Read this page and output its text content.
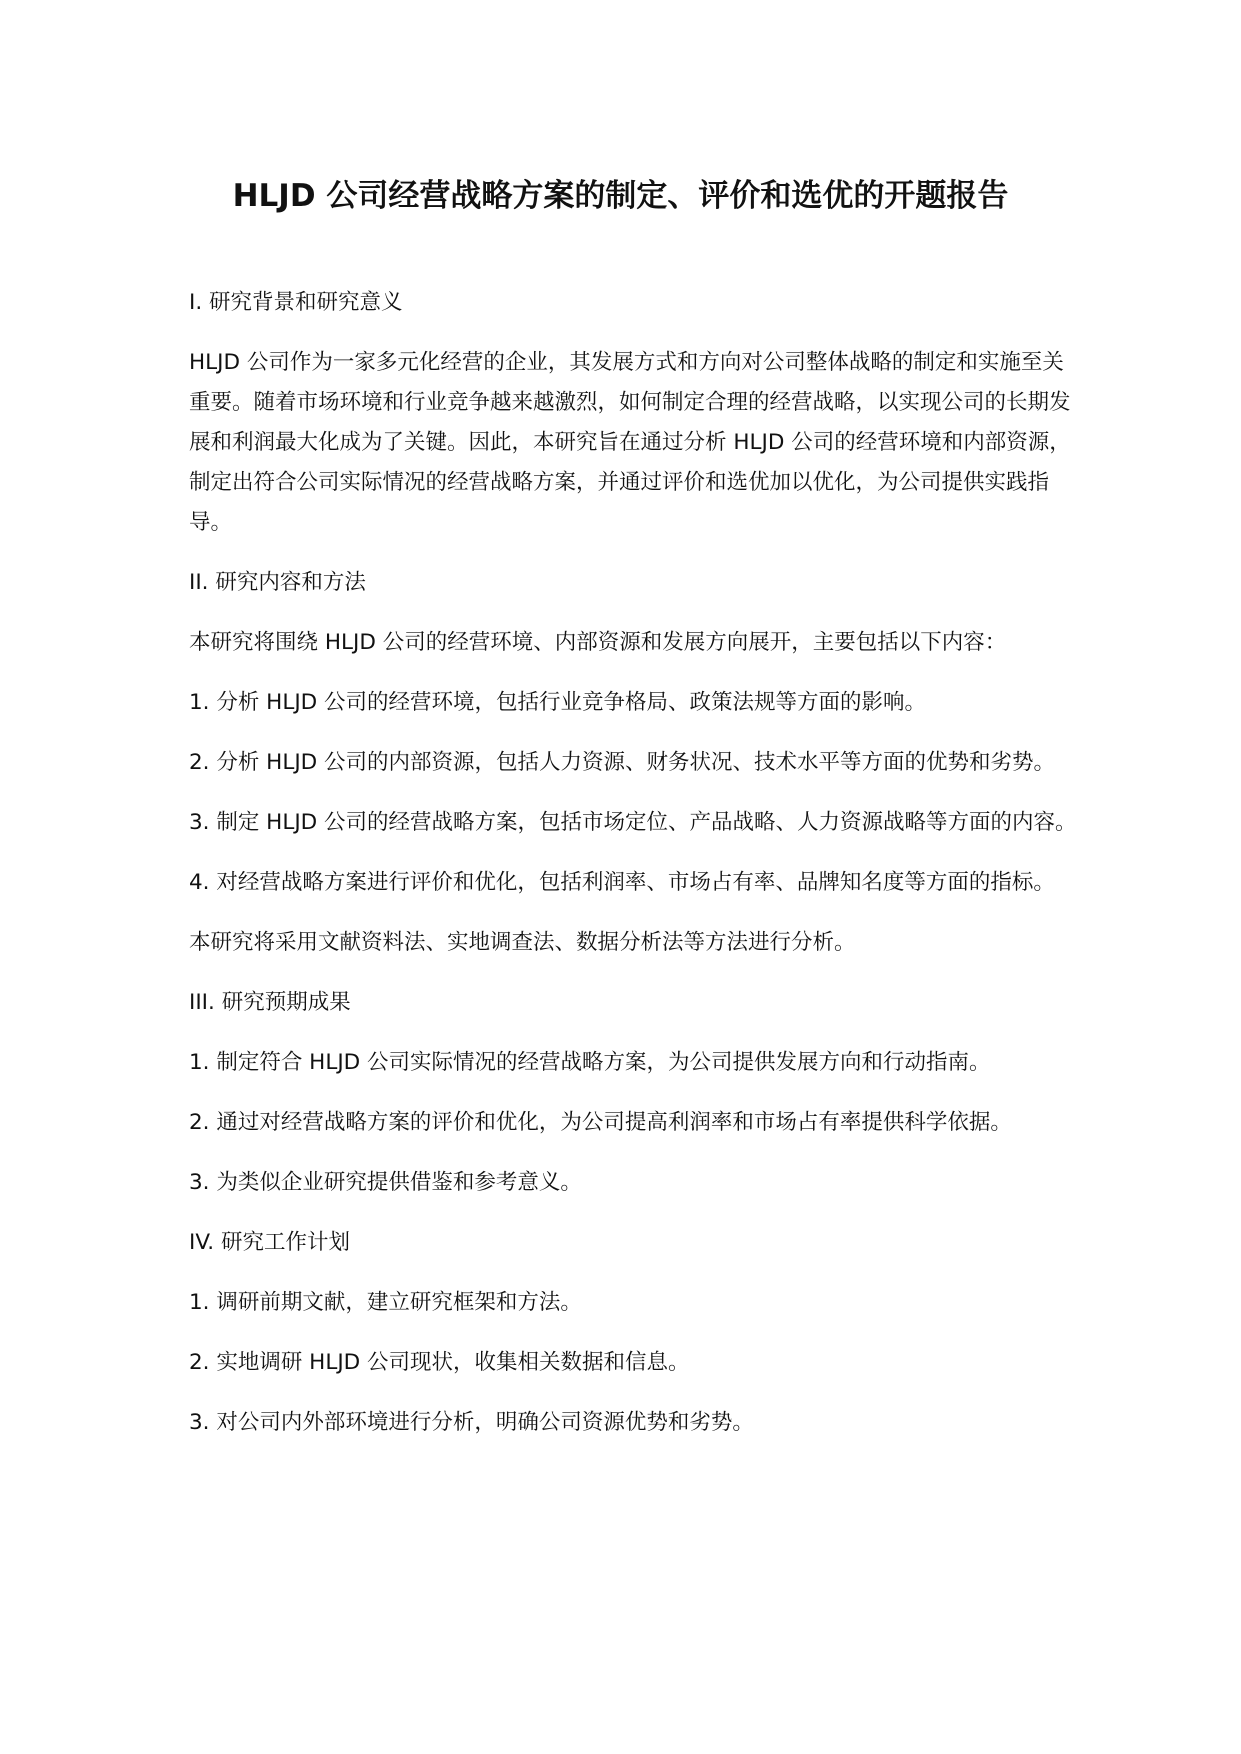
HLJD 公司经营战略方案的制定、评价和选优的开题报告

I. 研究背景和研究意义

HLJD 公司作为一家多元化经营的企业，其发展方式和方向对公司整体战略的制定和实施至关重要。随着市场环境和行业竞争越来越激烈，如何制定合理的经营战略，以实现公司的长期发展和利润最大化成为了关键。因此，本研究旨在通过分析 HLJD 公司的经营环境和内部资源，制定出符合公司实际情况的经营战略方案，并通过评价和选优加以优化，为公司提供实践指导。

II. 研究内容和方法

本研究将围绕 HLJD 公司的经营环境、内部资源和发展方向展开，主要包括以下内容：

1. 分析 HLJD 公司的经营环境，包括行业竞争格局、政策法规等方面的影响。

2. 分析 HLJD 公司的内部资源，包括人力资源、财务状况、技术水平等方面的优势和劣势。

3. 制定 HLJD 公司的经营战略方案，包括市场定位、产品战略、人力资源战略等方面的内容。

4. 对经营战略方案进行评价和优化，包括利润率、市场占有率、品牌知名度等方面的指标。

本研究将采用文献资料法、实地调查法、数据分析法等方法进行分析。

III. 研究预期成果

1. 制定符合 HLJD 公司实际情况的经营战略方案，为公司提供发展方向和行动指南。

2. 通过对经营战略方案的评价和优化，为公司提高利润率和市场占有率提供科学依据。

3. 为类似企业研究提供借鉴和参考意义。

IV. 研究工作计划

1. 调研前期文献，建立研究框架和方法。

2. 实地调研 HLJD 公司现状，收集相关数据和信息。

3. 对公司内外部环境进行分析，明确公司资源优势和劣势。
